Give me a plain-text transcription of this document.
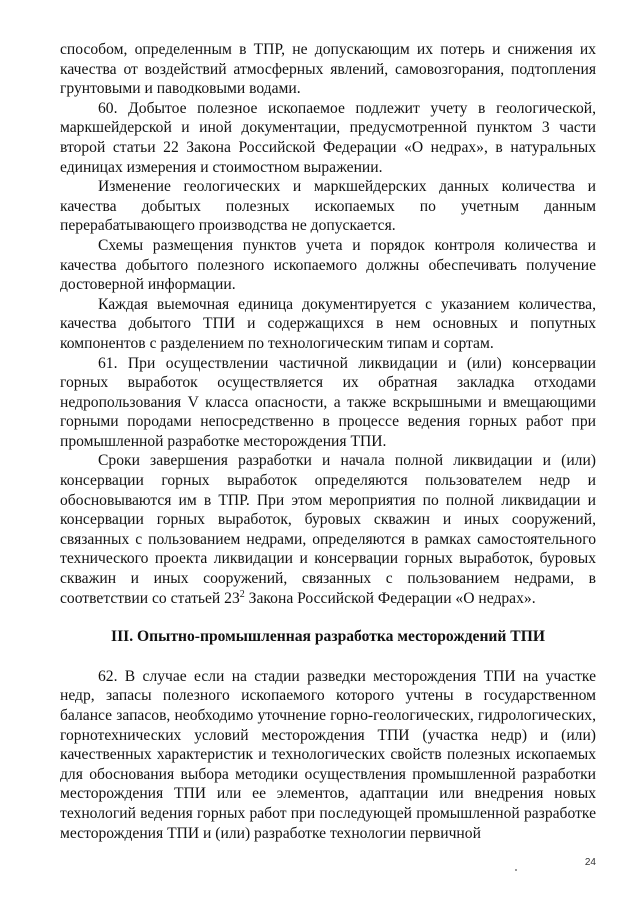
способом, определенным в ТПР, не допускающим их потерь и снижения их качества от воздействий атмосферных явлений, самовозгорания, подтопления грунтовыми и паводковыми водами.

60. Добытое полезное ископаемое подлежит учету в геологической, маркшейдерской и иной документации, предусмотренной пунктом 3 части второй статьи 22 Закона Российской Федерации «О недрах», в натуральных единицах измерения и стоимостном выражении.

Изменение геологических и маркшейдерских данных количества и качества добытых полезных ископаемых по учетным данным перерабатывающего производства не допускается.

Схемы размещения пунктов учета и порядок контроля количества и качества добытого полезного ископаемого должны обеспечивать получение достоверной информации.

Каждая выемочная единица документируется с указанием количества, качества добытого ТПИ и содержащихся в нем основных и попутных компонентов с разделением по технологическим типам и сортам.

61. При осуществлении частичной ликвидации и (или) консервации горных выработок осуществляется их обратная закладка отходами недропользования V класса опасности, а также вскрышными и вмещающими горными породами непосредственно в процессе ведения горных работ при промышленной разработке месторождения ТПИ.

Сроки завершения разработки и начала полной ликвидации и (или) консервации горных выработок определяются пользователем недр и обосновываются им в ТПР. При этом мероприятия по полной ликвидации и консервации горных выработок, буровых скважин и иных сооружений, связанных с пользованием недрами, определяются в рамках самостоятельного технического проекта ликвидации и консервации горных выработок, буровых скважин и иных сооружений, связанных с пользованием недрами, в соответствии со статьей $23^2$ Закона Российской Федерации «О недрах».

III. Опытно-промышленная разработка месторождений ТПИ

62. В случае если на стадии разведки месторождения ТПИ на участке недр, запасы полезного ископаемого которого учтены в государственном балансе запасов, необходимо уточнение горно-геологических, гидрологических, горнотехнических условий месторождения ТПИ (участка недр) и (или) качественных характеристик и технологических свойств полезных ископаемых для обоснования выбора методики осуществления промышленной разработки месторождения ТПИ или ее элементов, адаптации или внедрения новых технологий ведения горных работ при последующей промышленной разработке месторождения ТПИ и (или) разработке технологии первичной

24
